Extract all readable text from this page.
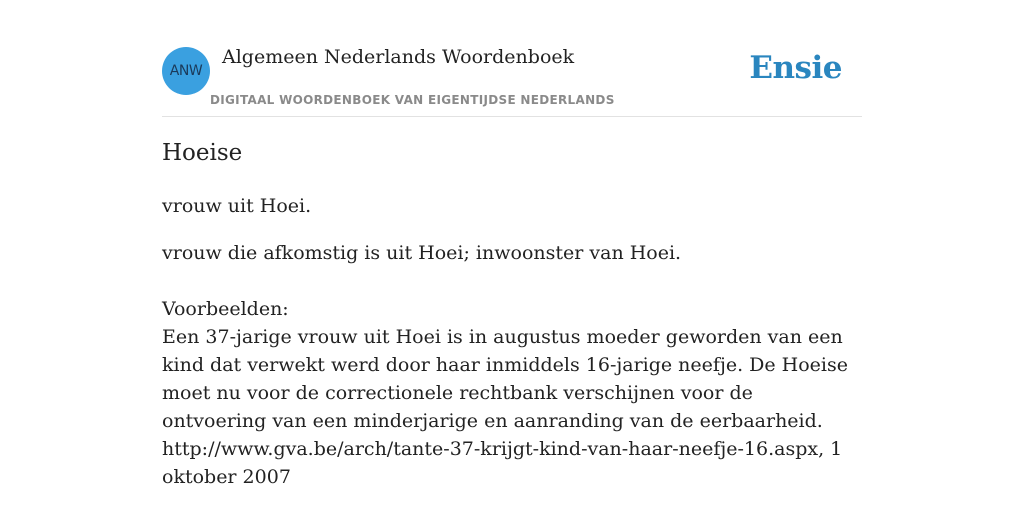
ANW
Algemeen Nederlands Woordenboek
DIGITAAL WOORDENBOEK VAN EIGENTIJDSE NEDERLANDS
Ensie
Hoeise
vrouw uit Hoei.
vrouw die afkomstig is uit Hoei; inwoonster van Hoei.
Voorbeelden:
Een 37-jarige vrouw uit Hoei is in augustus moeder geworden van een kind dat verwekt werd door haar inmiddels 16-jarige neefje. De Hoeise moet nu voor de correctionele rechtbank verschijnen voor de ontvoering van een minderjarige en aanranding van de eerbaarheid.
http://www.gva.be/arch/tante-37-krijgt-kind-van-haar-neefje-16.aspx, 1 oktober 2007
